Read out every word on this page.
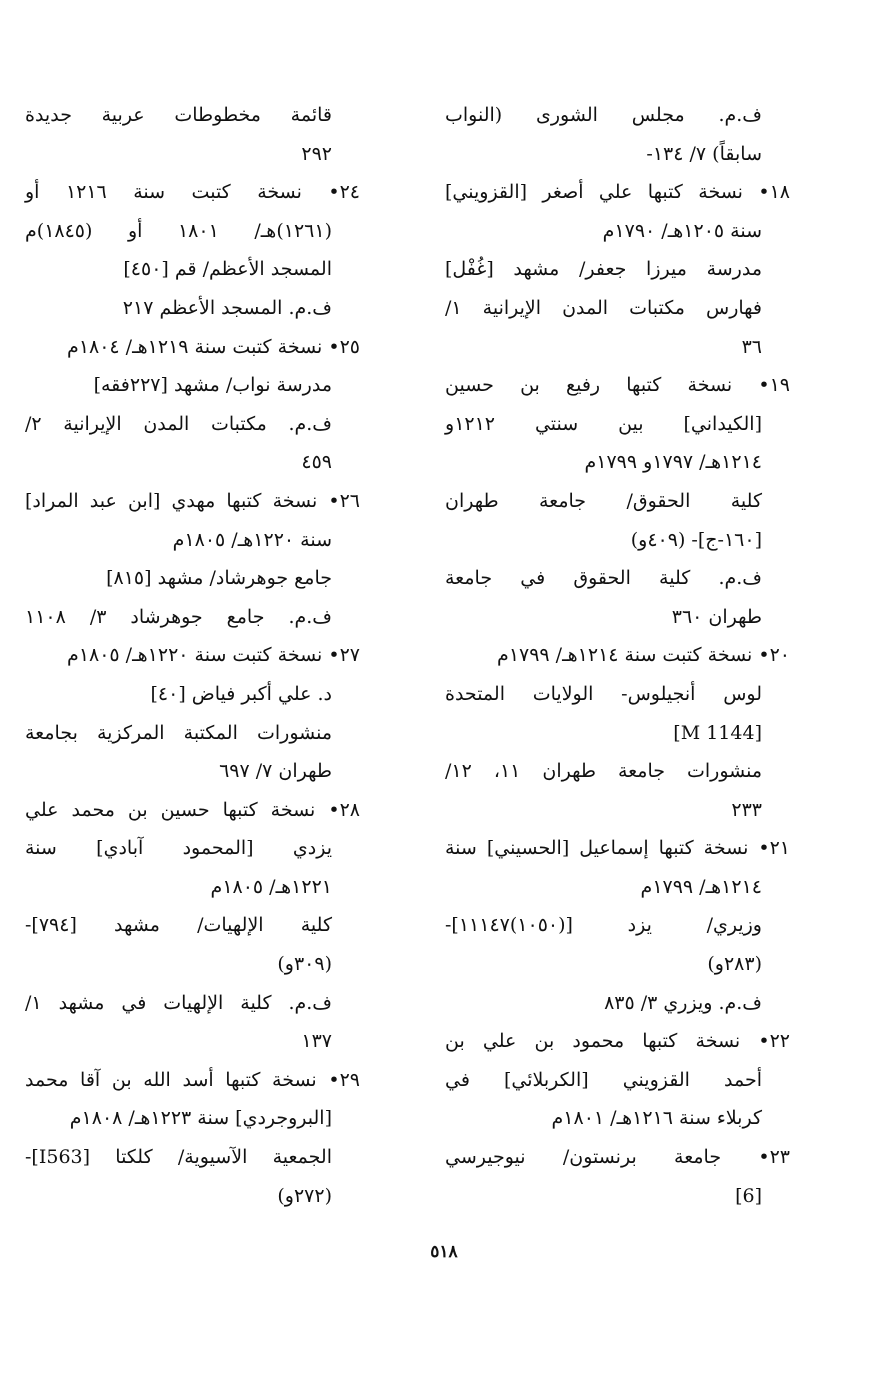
ف.م. مجلس الشورى (النواب
سابقاً) ٧/ ١٣٤-
١٨• نسخة كتبها علي أصغر [القزويني]
سنة ١٢٠٥هـ/ ١٧٩٠م
مدرسة ميرزا جعفر/ مشهد [غُفْل]
فهارس مكتبات المدن الإيرانية ١/
٣٦
١٩• نسخة كتبها رفيع بن حسين
[الكيداني] بين سنتي ١٢١٢و
١٢١٤هـ/ ١٧٩٧و ١٧٩٩م
كلية الحقوق/ جامعة طهران
[١٦٠-ج]- (٤٠٩و)
ف.م. كلية الحقوق في جامعة
طهران ٣٦٠
٢٠• نسخة كتبت سنة ١٢١٤هـ/ ١٧٩٩م
لوس أنجيلوس- الولايات المتحدة
[M 1144]
منشورات جامعة طهران ١١، ١٢/
٢٣٣
٢١• نسخة كتبها إسماعيل [الحسيني] سنة
١٢١٤هـ/ ١٧٩٩م
وزيري/ يزد [(١٠٥٠)١١١٤٧]-
(٢٨٣و)
ف.م. ويزري ٣/ ٨٣٥
٢٢• نسخة كتبها محمود بن علي بن
أحمد القزويني [الكربلائي] في
كربلاء سنة ١٢١٦هـ/ ١٨٠١م
٢٣• جامعة برنستون/ نيوجيرسي
[6]
قائمة مخطوطات عربية جديدة
٢٩٢
٢٤• نسخة كتبت سنة ١٢١٦ أو
(١٢٦١)هـ/ ١٨٠١ أو (١٨٤٥)م
المسجد الأعظم/ قم [٤٥٠]
ف.م. المسجد الأعظم ٢١٧
٢٥• نسخة كتبت سنة ١٢١٩هـ/ ١٨٠٤م
مدرسة نواب/ مشهد [٢٢٧فقه]
ف.م. مكتبات المدن الإيرانية ٢/
٤٥٩
٢٦• نسخة كتبها مهدي [ابن عبد المراد]
سنة ١٢٢٠هـ/ ١٨٠٥م
جامع جوهرشاد/ مشهد [٨١٥]
ف.م. جامع جوهرشاد ٣/ ١١٠٨
٢٧• نسخة كتبت سنة ١٢٢٠هـ/ ١٨٠٥م
د. علي أكبر فياض [٤٠]
منشورات المكتبة المركزية بجامعة
طهران ٧/ ٦٩٧
٢٨• نسخة كتبها حسين بن محمد علي
يزدي [المحمود آبادي] سنة
١٢٢١هـ/ ١٨٠٥م
كلية الإلهيات/ مشهد [٧٩٤]-
(٣٠٩و)
ف.م. كلية الإلهيات في مشهد ١/
١٣٧
٢٩• نسخة كتبها أسد الله بن آقا محمد
[البروجردي] سنة ١٢٢٣هـ/ ١٨٠٨م
الجمعية الآسيوية/ كلكتا [I563]-
(٢٧٢و)
٥١٨
